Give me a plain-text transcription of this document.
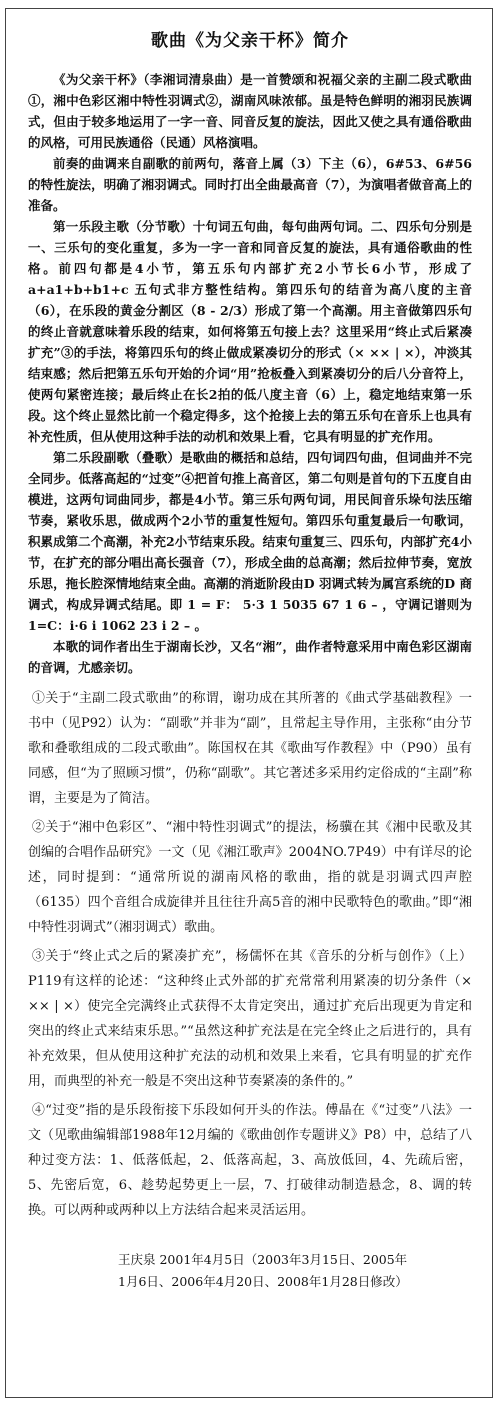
歌曲《为父亲干杯》简介

《为父亲干杯》（李湘词清泉曲）是一首赞颂和祝福父亲的主副二段式歌曲①，湘中色彩区湘中特性羽调式②，湖南风味浓郁。虽是特色鲜明的湘羽民族调式，但由于较多地运用了一字一音、同音反复的旋法，因此又使之具有通俗歌曲的风格，可用民族通俗（民通）风格演唱。

前奏的曲调来自副歌的前两句，落音上属（3）下主（6），6#53、6#56的特性旋法，明确了湘羽调式。同时打出全曲最高音（7），为演唱者做音高上的准备。

第一乐段主歌（分节歌）十句词五句曲，每句曲两句词。二、四乐句分别是一、三乐句的变化重复，多为一字一音和同音反复的旋法，具有通俗歌曲的性格。前四句都是4小节，第五乐句内部扩充2小节长6小节，形成了a+a1+b+b1+c 五句式非方整性结构。第四乐句的结音为高八度的主音（6），在乐段的黄金分割区（8 - 2/3）形成了第一个高潮。用主音做第四乐句的终止音就意味着乐段的结束，如何将第五句接上去？这里采用“终止式后紧凑扩充”③的手法，将第四乐句的终止做成紧凑切分的形式（× ×× | ×），冲淡其结束感；然后把第五乐句开始的介词“用”抢板叠入到紧凑切分的后八分音符上，使两句紧密连接；最后终止在长2拍的低八度主音（6）上，稳定地结束第一乐段。这个终止显然比前一个稳定得多，这个抢接上去的第五乐句在音乐上也具有补充性质，但从使用这种手法的动机和效果上看，它具有明显的扩充作用。

第二乐段副歌（叠歌）是歌曲的概括和总结，四句词四句曲，但词曲并不完全同步。低落高起的“过变”④把首句推上高音区，第二句则是首句的下五度自由模进，这两句词曲同步，都是4小节。第三乐句两句词，用民间音乐垛句法压缩节奏，紧收乐思，做成两个2小节的重复性短句。第四乐句重复最后一句歌词，积累成第二个高潮，补充2小节结束乐段。结束句重复三、四乐句，内部扩充4小节，在扩充的部分唱出高长强音（7），形成全曲的总高潮；然后拉伸节奏，宽放乐思，拖长腔深情地结束全曲。高潮的消逝阶段由D 羽调式转为属宫系统的D 商调式，构成异调式结尾。即 1 = F： 5·3 1 5035 67 1 6 – ，守调记谱则为1=C：i·6 i 1062 23 i 2 – 。

本歌的词作者出生于湖南长沙，又名“湘”，曲作者特意采用中南色彩区湖南的音调，尤感亲切。

①关于“主副二段式歌曲”的称谓，谢功成在其所著的《曲式学基础教程》一书中（见P92）认为：“副歌”并非为“副”，且常起主导作用，主张称“由分节歌和叠歌组成的二段式歌曲”。陈国权在其《歌曲写作教程》中（P90）虽有同感，但“为了照顾习惯”，仍称“副歌”。其它著述多采用约定俗成的“主副”称谓，主要是为了简洁。

②关于“湘中色彩区”、“湘中特性羽调式”的提法，杨骥在其《湘中民歌及其创编的合唱作品研究》一文（见《湘江歌声》2004NO.7P49）中有详尽的论述，同时提到：“通常所说的湖南风格的歌曲，指的就是羽调式四声腔（6135）四个音组合成旋律并且往往升高5音的湘中民歌特色的歌曲。”即“湘中特性羽调式”（湘羽调式）歌曲。

③关于“终止式之后的紧凑扩充”，杨儒怀在其《音乐的分析与创作》（上）P119有这样的论述：“这种终止式外部的扩充常常利用紧凑的切分条件（× ×× | ×）使完全完满终止式获得不太肯定突出，通过扩充后出现更为肯定和突出的终止式来结束乐思。”“虽然这种扩充法是在完全终止之后进行的，具有补充效果，但从使用这种扩充法的动机和效果上来看，它具有明显的扩充作用，而典型的补充一般是不突出这种节奏紧凑的条件的。”

④“过变”指的是乐段衔接下乐段如何开头的作法。傅晶在《“过变”八法》一文（见歌曲编辑部1988年12月编的《歌曲创作专题讲义》P8）中，总结了八种过变方法：1、低落低起，2、低落高起，3、高放低回，4、先疏后密，5、先密后宽，6、趁势起势更上一层，7、打破律动制造悬念，8、调的转换。可以两种或两种以上方法结合起来灵活运用。

王庆泉 2001年4月5日（2003年3月15日、2005年
1月6日、2006年4月20日、2008年1月28日修改）
